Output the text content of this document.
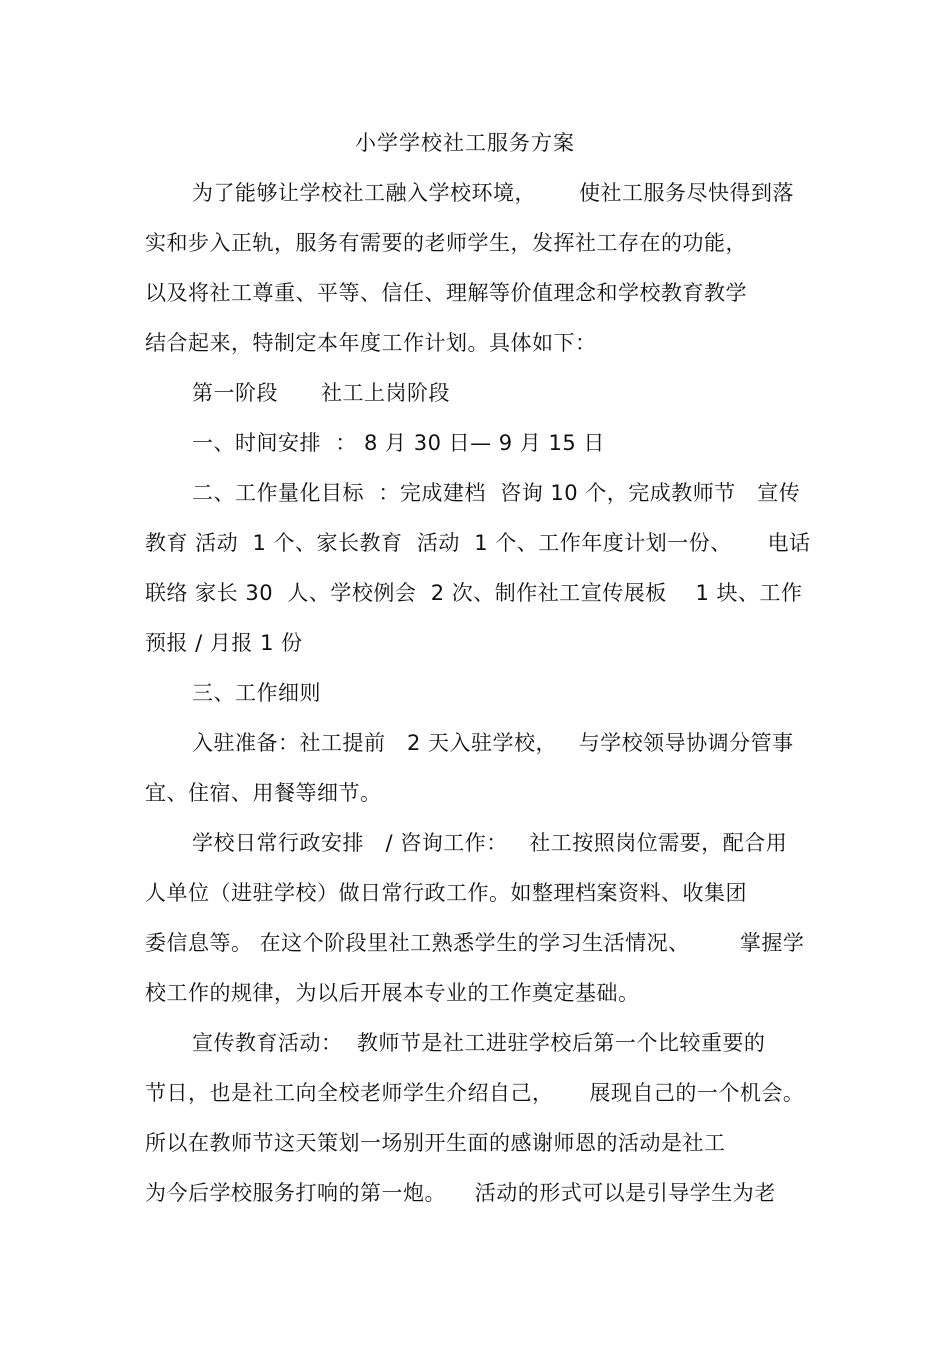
小学学校社工服务方案
为了能够让学校社工融入学校环境，      使社工服务尽快得到落
实和步入正轨，服务有需要的老师学生，发挥社工存在的功能，
以及将社工尊重、平等、信任、理解等价值理念和学校教育教学
结合起来，特制定本年度工作计划。具体如下：
第一阶段      社工上岗阶段
一、时间安排  ： 8 月 30 日— 9 月 15 日
二、工作量化目标  ：完成建档  咨询 10 个，完成教师节   宣传
教育 活动  1 个、家长教育  活动  1 个、工作年度计划一份、     电话
联络 家长 30  人、学校例会  2 次、制作社工宣传展板    1 块、工作
预报 / 月报 1 份
三、工作细则
入驻准备：社工提前   2 天入驻学校，   与学校领导协调分管事
宜、住宿、用餐等细节。
学校日常行政安排   / 咨询工作：   社工按照岗位需要，配合用
人单位（进驻学校）做日常行政工作。如整理档案资料、收集团
委信息等。 在这个阶段里社工熟悉学生的学习生活情况、       掌握学
校工作的规律，为以后开展本专业的工作奠定基础。
宣传教育活动：  教师节是社工进驻学校后第一个比较重要的
节日，也是社工向全校老师学生介绍自己，     展现自己的一个机会。
所以在教师节这天策划一场别开生面的感谢师恩的活动是社工
为今后学校服务打响的第一炮。    活动的形式可以是引导学生为老
